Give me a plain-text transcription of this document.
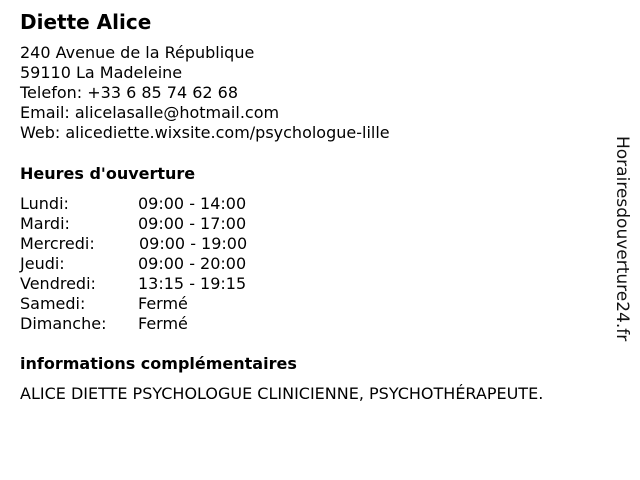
Diette Alice
240 Avenue de la République
59110 La Madeleine
Telefon: +33 6 85 74 62 68
Email: alicelasalle@hotmail.com
Web: alicediette.wixsite.com/psychologue-lille
Heures d'ouverture
Lundi:	09:00 - 14:00
Mardi:	09:00 - 17:00
Mercredi:	09:00 - 19:00
Jeudi:	09:00 - 20:00
Vendredi:	13:15 - 19:15
Samedi:	Fermé
Dimanche: Fermé
informations complémentaires
ALICE DIETTE PSYCHOLOGUE CLINICIENNE, PSYCHOTHÉRAPEUTE.
Horairesdouverture24.fr
